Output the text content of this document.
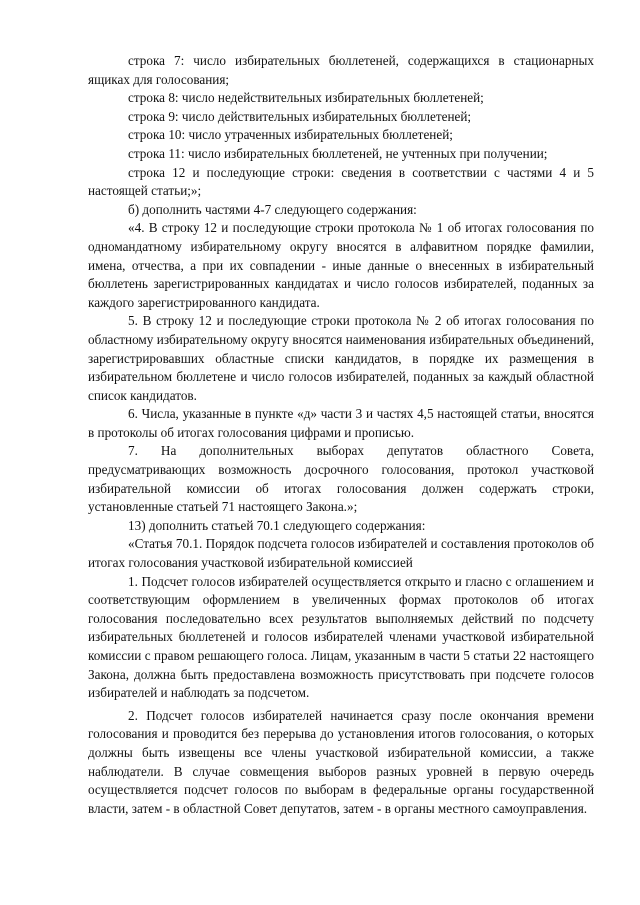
строка 7: число избирательных бюллетеней, содержащихся в стационарных ящиках для голосования;

строка 8: число недействительных избирательных бюллетеней;

строка 9: число действительных избирательных бюллетеней;

строка 10: число утраченных избирательных бюллетеней;

строка 11: число избирательных бюллетеней, не учтенных при получении;

строка 12 и последующие строки: сведения в соответствии с частями 4 и 5 настоящей статьи;»;

б) дополнить частями 4-7 следующего содержания:

«4. В строку 12 и последующие строки протокола № 1 об итогах голосования по одномандатному избирательному округу вносятся в алфавитном порядке фамилии, имена, отчества, а при их совпадении - иные данные о внесенных в избирательный бюллетень зарегистрированных кандидатах и число голосов избирателей, поданных за каждого зарегистрированного кандидата.

5. В строку 12 и последующие строки протокола № 2 об итогах голосования по областному избирательному округу вносятся наименования избирательных объединений, зарегистрировавших областные списки кандидатов, в порядке их размещения в избирательном бюллетене и число голосов избирателей, поданных за каждый областной список кандидатов.

6. Числа, указанные в пункте «д» части 3 и частях 4,5 настоящей статьи, вносятся в протоколы об итогах голосования цифрами и прописью.

7. На дополнительных выборах депутатов областного Совета, предусматривающих возможность досрочного голосования, протокол участковой избирательной комиссии об итогах голосования должен содержать строки, установленные статьей 71 настоящего Закона.»;

13) дополнить статьей 70.1 следующего содержания:

«Статья 70.1. Порядок подсчета голосов избирателей и составления протоколов об итогах голосования участковой избирательной комиссией

1. Подсчет голосов избирателей осуществляется открыто и гласно с оглашением и соответствующим оформлением в увеличенных формах протоколов об итогах голосования последовательно всех результатов выполняемых действий по подсчету избирательных бюллетеней и голосов избирателей членами участковой избирательной комиссии с правом решающего голоса. Лицам, указанным в части 5 статьи 22 настоящего Закона, должна быть предоставлена возможность присутствовать при подсчете голосов избирателей и наблюдать за подсчетом.

2. Подсчет голосов избирателей начинается сразу после окончания времени голосования и проводится без перерыва до установления итогов голосования, о которых должны быть извещены все члены участковой избирательной комиссии, а также наблюдатели. В случае совмещения выборов разных уровней в первую очередь осуществляется подсчет голосов по выборам в федеральные органы государственной власти, затем - в областной Совет депутатов, затем - в органы местного самоуправления.
